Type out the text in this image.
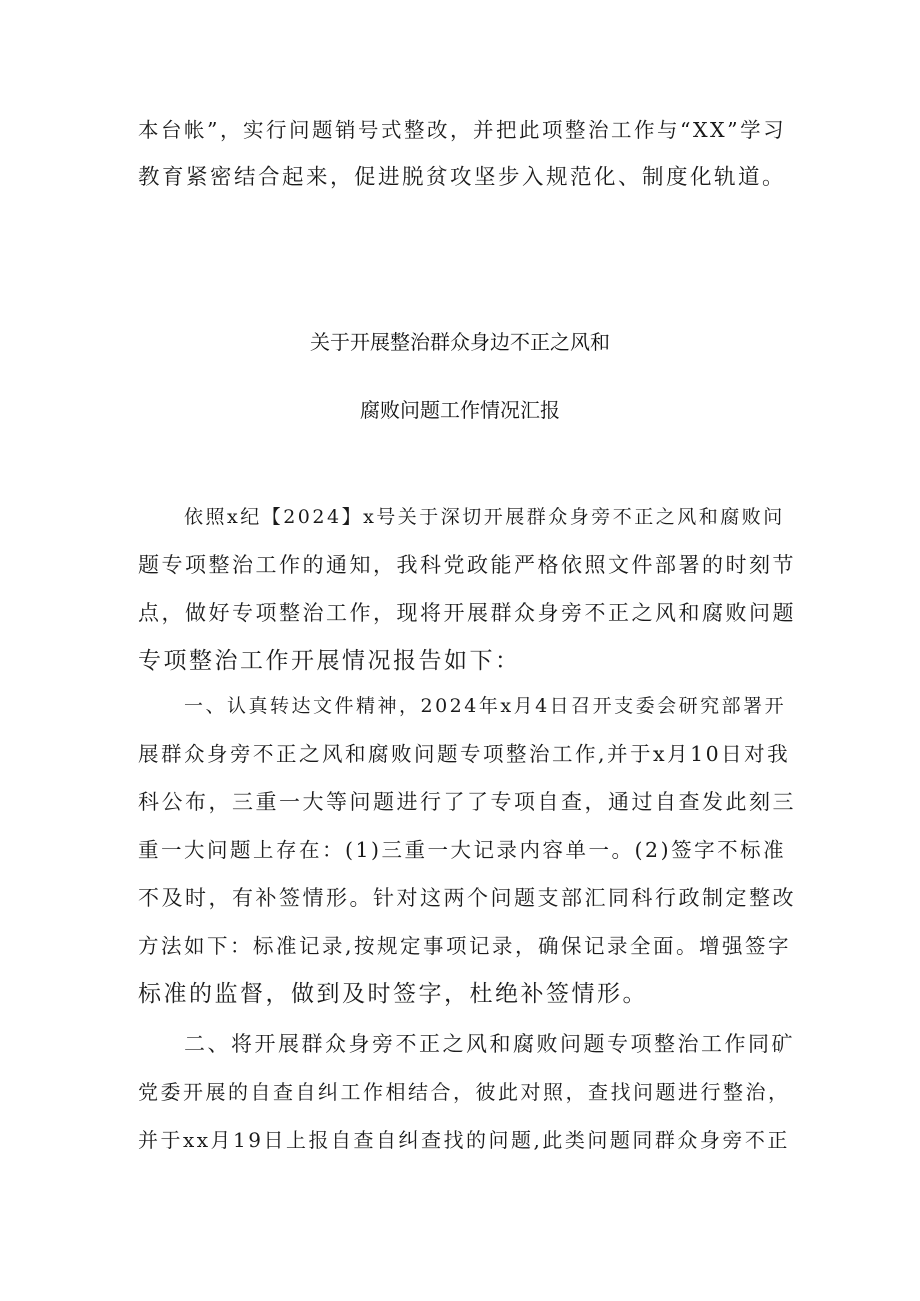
本台帐”，实行问题销号式整改，并把此项整治工作与“XX”学习
教育紧密结合起来，促进脱贫攻坚步入规范化、制度化轨道。
关于开展整治群众身边不正之风和
腐败问题工作情况汇报
依照x纪【2024】x号关于深切开展群众身旁不正之风和腐败问
题专项整治工作的通知，我科党政能严格依照文件部署的时刻节
点，做好专项整治工作，现将开展群众身旁不正之风和腐败问题
专项整治工作开展情况报告如下：
一、认真转达文件精神，2024年x月4日召开支委会研究部署开
展群众身旁不正之风和腐败问题专项整治工作,并于x月10日对我
科公布，三重一大等问题进行了了专项自查，通过自查发此刻三
重一大问题上存在：(1)三重一大记录内容单一。(2)签字不标准
不及时，有补签情形。针对这两个问题支部汇同科行政制定整改
方法如下：标准记录,按规定事项记录，确保记录全面。增强签字
标准的监督，做到及时签字，杜绝补签情形。
二、将开展群众身旁不正之风和腐败问题专项整治工作同矿
党委开展的自查自纠工作相结合，彼此对照，查找问题进行整治，
并于xx月19日上报自查自纠查找的问题,此类问题同群众身旁不正
